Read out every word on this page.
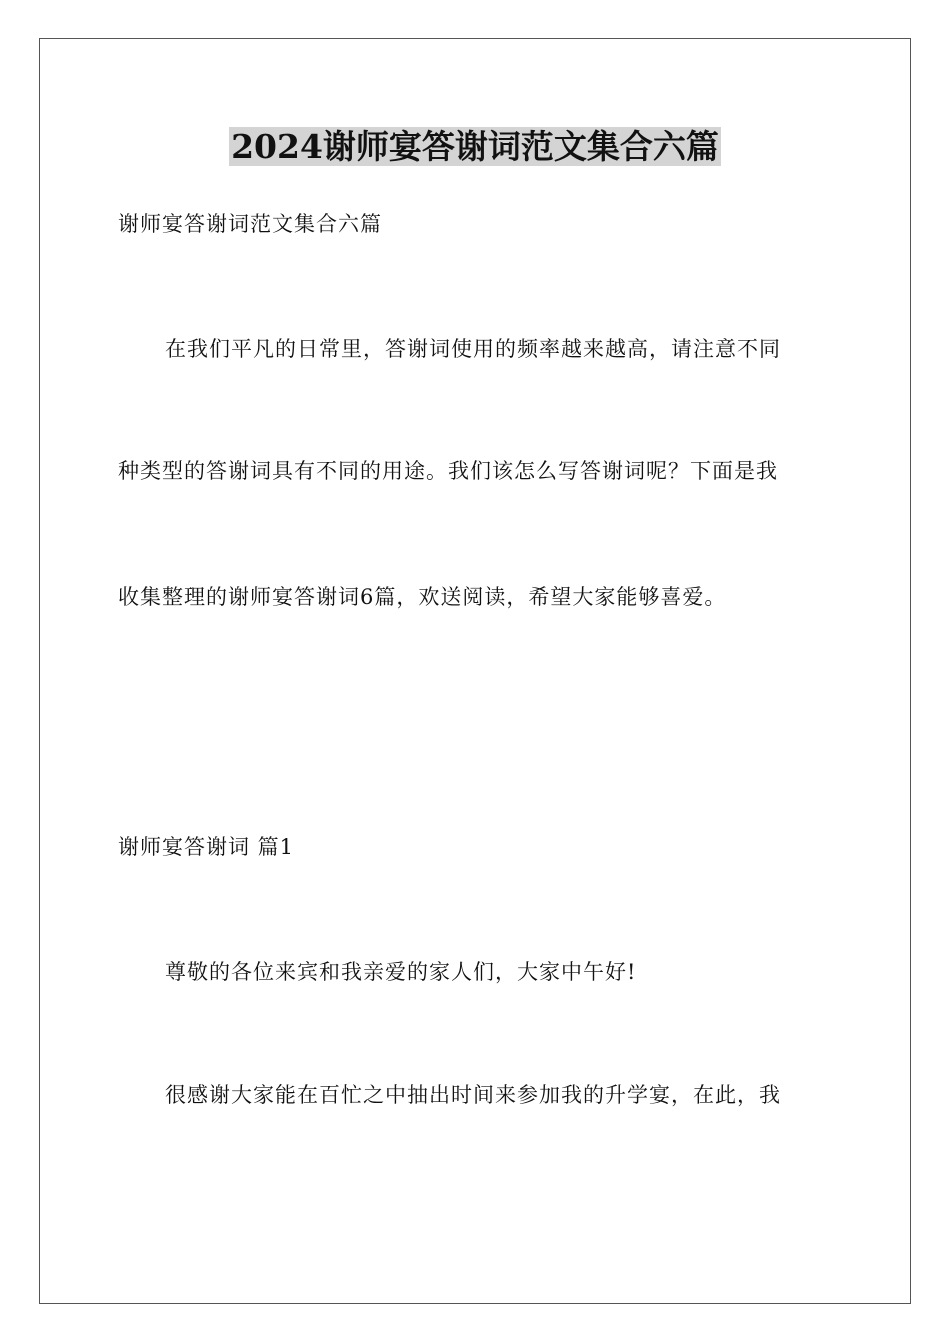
2024谢师宴答谢词范文集合六篇

谢师宴答谢词范文集合六篇

在我们平凡的日常里，答谢词使用的频率越来越高，请注意不同

种类型的答谢词具有不同的用途。我们该怎么写答谢词呢？下面是我

收集整理的谢师宴答谢词6篇，欢送阅读，希望大家能够喜爱。

谢师宴答谢词 篇1

尊敬的各位来宾和我亲爱的家人们，大家中午好!

很感谢大家能在百忙之中抽出时间来参加我的升学宴，在此，我
